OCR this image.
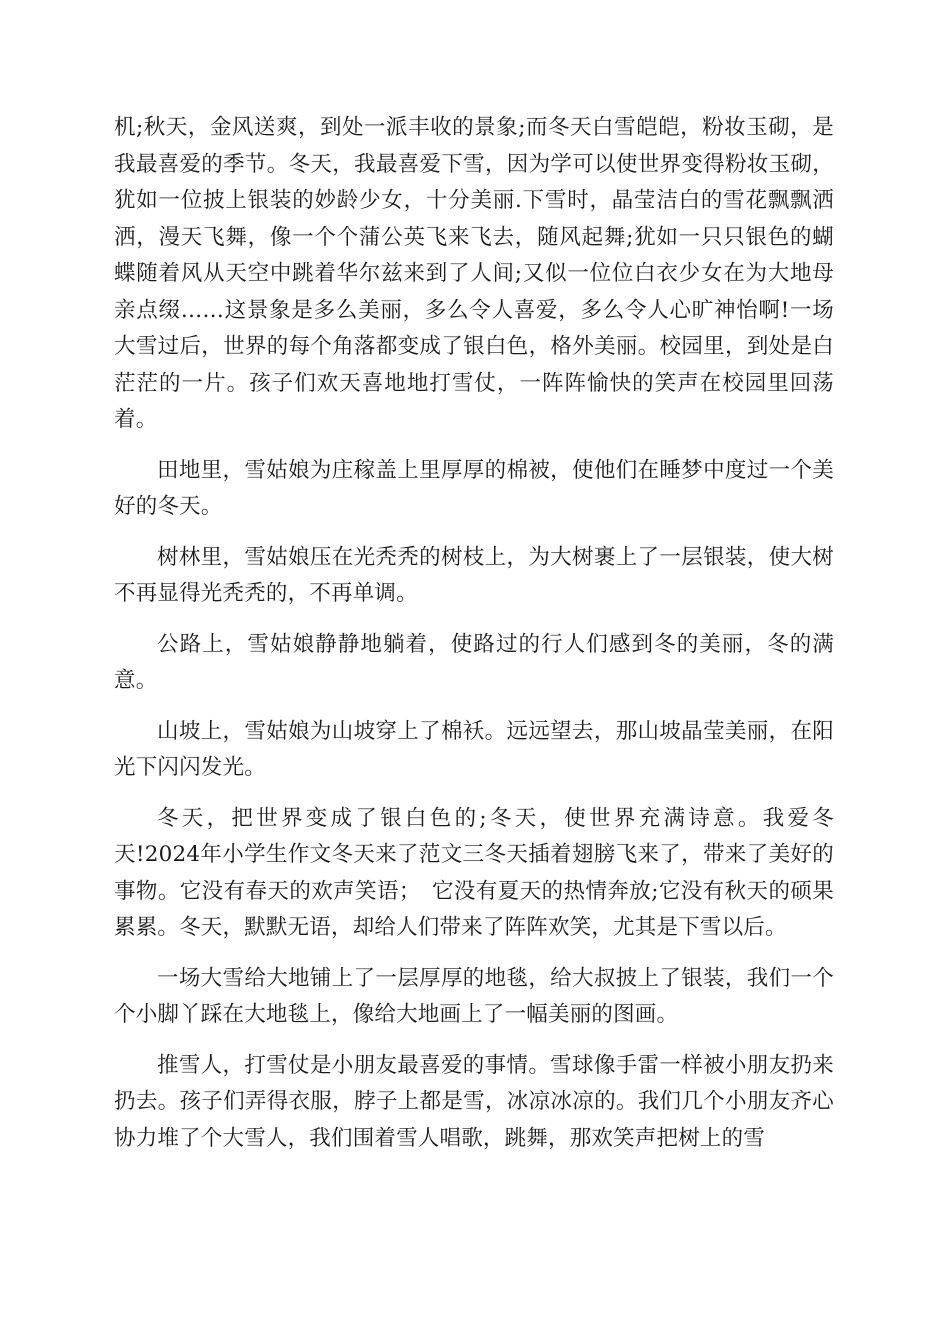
机;秋天，金风送爽，到处一派丰收的景象;而冬天白雪皑皑，粉妆玉砌，是我最喜爱的季节。冬天，我最喜爱下雪，因为学可以使世界变得粉妆玉砌，犹如一位披上银装的妙龄少女，十分美丽.下雪时，晶莹洁白的雪花飘飘洒洒，漫天飞舞，像一个个蒲公英飞来飞去，随风起舞;犹如一只只银色的蝴蝶随着风从天空中跳着华尔兹来到了人间;又似一位位白衣少女在为大地母亲点缀……这景象是多么美丽，多么令人喜爱，多么令人心旷神怡啊!一场大雪过后，世界的每个角落都变成了银白色，格外美丽。校园里，到处是白茫茫的一片。孩子们欢天喜地地打雪仗，一阵阵愉快的笑声在校园里回荡着。

田地里，雪姑娘为庄稼盖上里厚厚的棉被，使他们在睡梦中度过一个美好的冬天。

树林里，雪姑娘压在光秃秃的树枝上，为大树裹上了一层银装，使大树不再显得光秃秃的，不再单调。

公路上，雪姑娘静静地躺着，使路过的行人们感到冬的美丽，冬的满意。

山坡上，雪姑娘为山坡穿上了棉袄。远远望去，那山坡晶莹美丽，在阳光下闪闪发光。

冬天，把世界变成了银白色的;冬天，使世界充满诗意。我爱冬天!2024年小学生作文冬天来了范文三冬天插着翅膀飞来了，带来了美好的事物。它没有春天的欢声笑语；　它没有夏天的热情奔放;它没有秋天的硕果累累。冬天，默默无语，却给人们带来了阵阵欢笑，尤其是下雪以后。

一场大雪给大地铺上了一层厚厚的地毯，给大叔披上了银装，我们一个个小脚丫踩在大地毯上，像给大地画上了一幅美丽的图画。

推雪人，打雪仗是小朋友最喜爱的事情。雪球像手雷一样被小朋友扔来扔去。孩子们弄得衣服，脖子上都是雪，冰凉冰凉的。我们几个小朋友齐心协力堆了个大雪人，我们围着雪人唱歌，跳舞，那欢笑声把树上的雪
